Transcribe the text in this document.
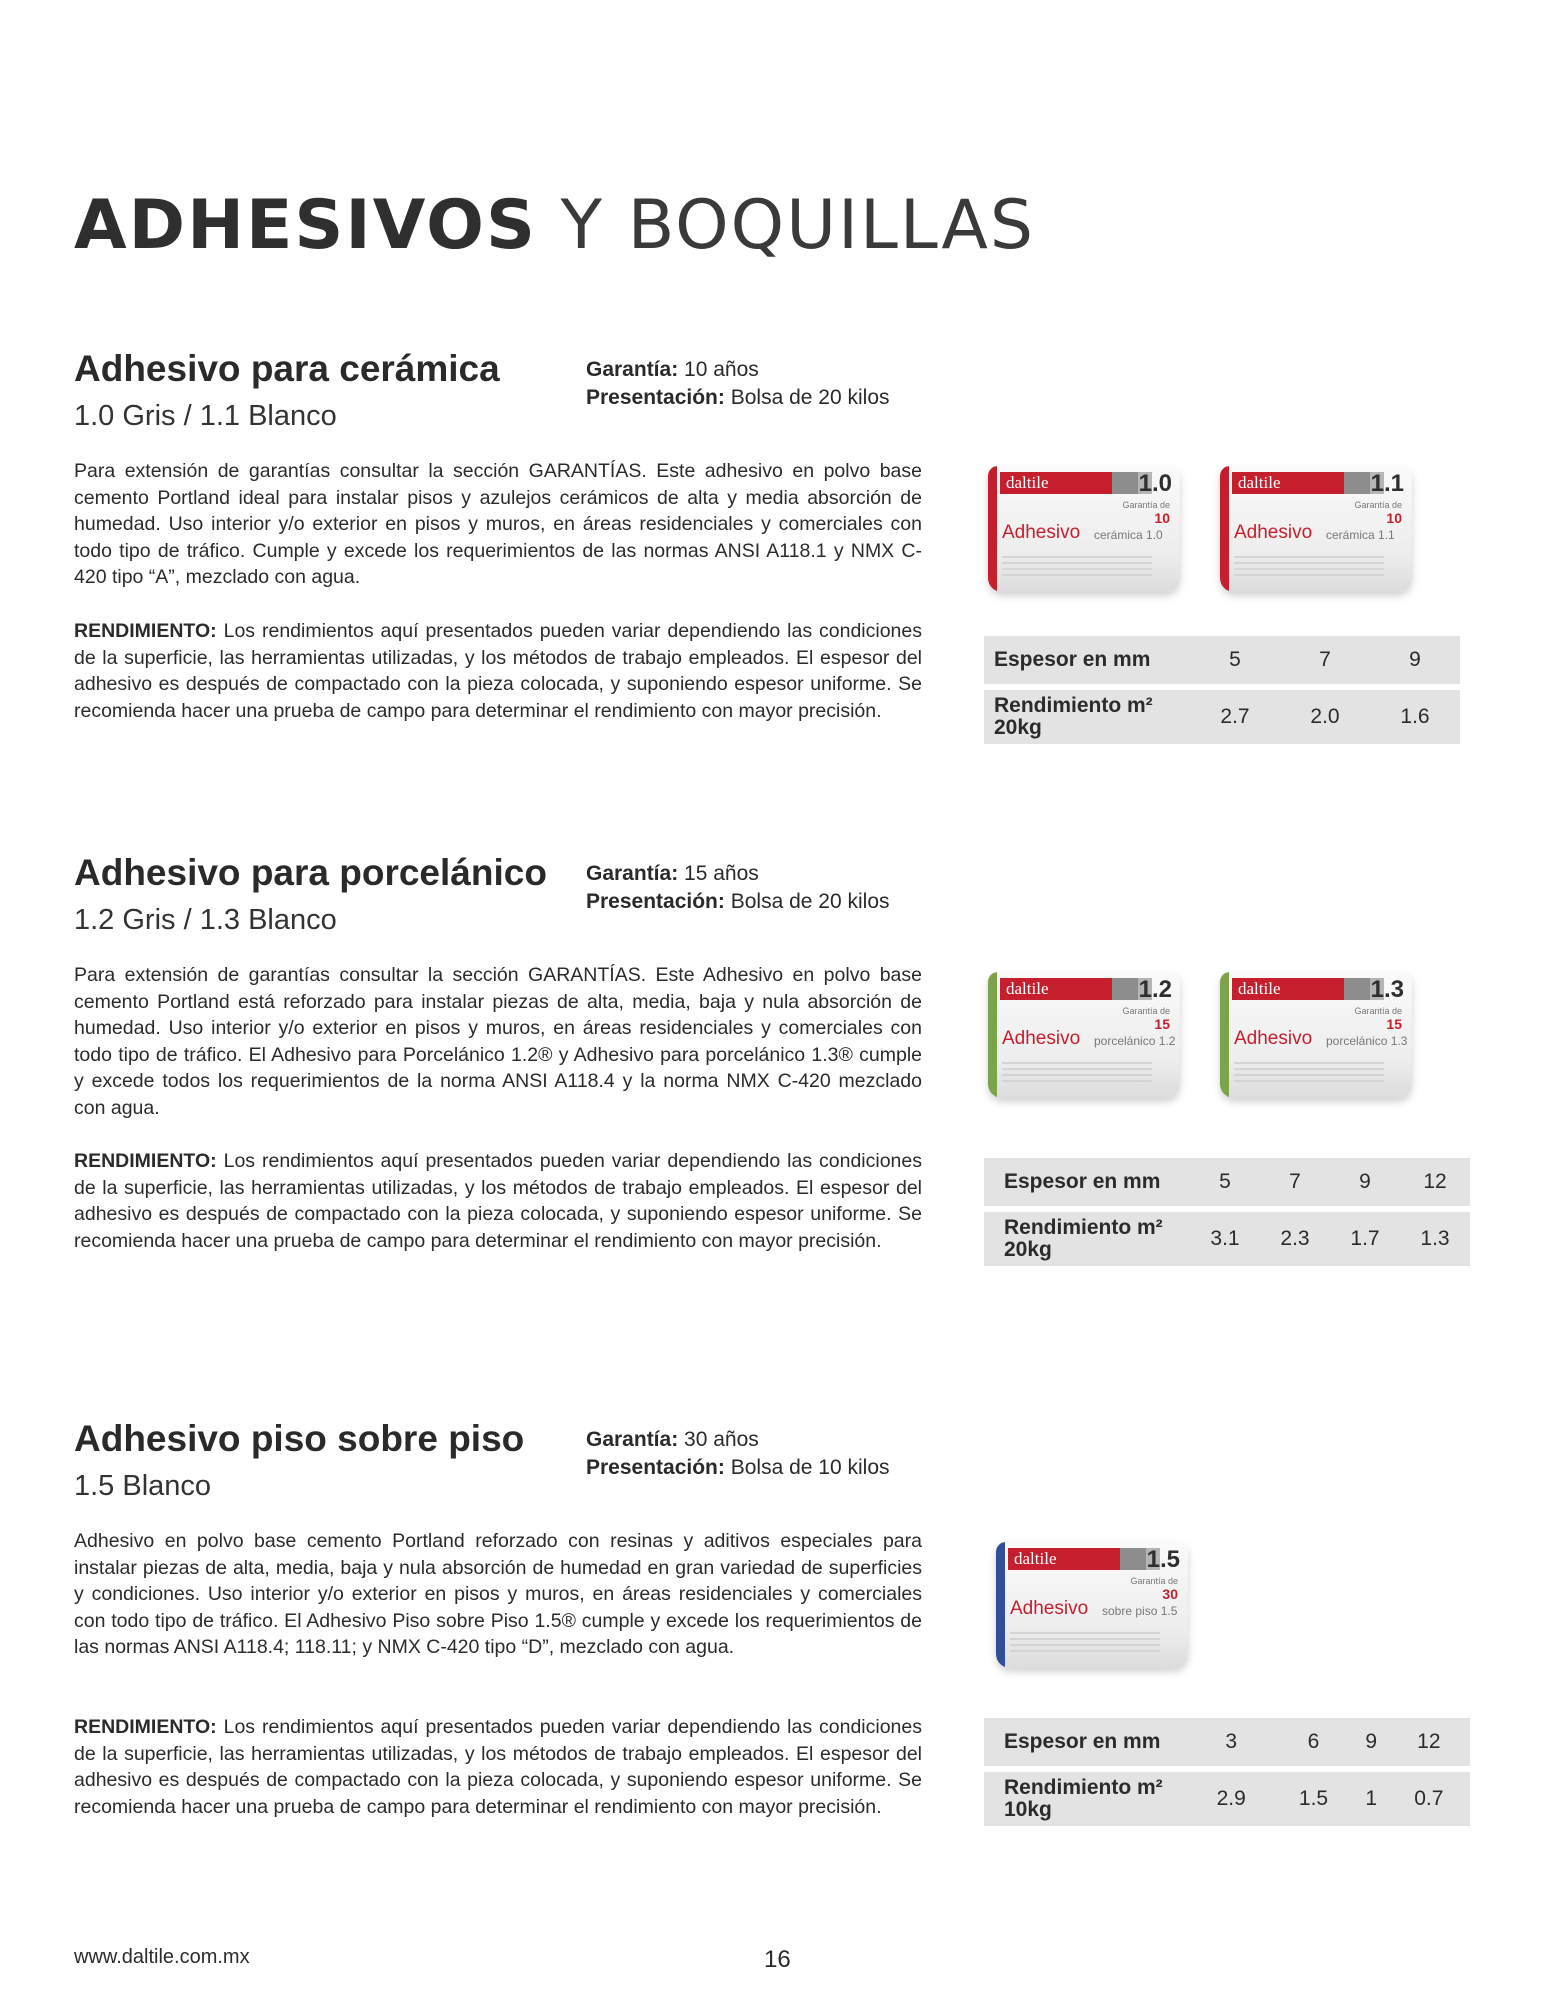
ADHESIVOS Y BOQUILLAS
Adhesivo para cerámica
1.0 Gris / 1.1 Blanco
Garantía: 10 años
Presentación: Bolsa de 20 kilos

Para extensión de garantías consultar la sección GARANTÍAS. Este adhesivo en polvo base cemento Portland ideal para instalar pisos y azulejos cerámicos de alta y media absorción de humedad. Uso interior y/o exterior en pisos y muros, en áreas residenciales y comerciales con todo tipo de tráfico. Cumple y excede los requerimientos de las normas ANSI A118.1 y NMX C-420 tipo “A”, mezclado con agua.

RENDIMIENTO: Los rendimientos aquí presentados pueden variar dependiendo las condiciones de la superficie, las herramientas utilizadas, y los métodos de trabajo empleados. El espesor del adhesivo es después de compactado con la pieza colocada, y suponiendo espesor uniforme. Se recomienda hacer una prueba de campo para determinar el rendimiento con mayor precisión.

daltile	1.0
Garantía de
10
Adhesivo cerámica 1.0
daltile	1.1
Garantía de
10
Adhesivo cerámica 1.1
Espesor en mm	5	7	9
Rendimiento m²
20kg	2.7	2.0	1.6
Adhesivo para porcelánico
1.2 Gris / 1.3 Blanco
Garantía: 15 años
Presentación: Bolsa de 20 kilos

Para extensión de garantías consultar la sección GARANTÍAS. Este Adhesivo en polvo base cemento Portland está reforzado para instalar piezas de alta, media, baja y nula absorción de humedad. Uso interior y/o exterior en pisos y muros, en áreas residenciales y comerciales con todo tipo de tráfico. El Adhesivo para Porcelánico 1.2® y Adhesivo para porcelánico 1.3® cumple y excede todos los requerimientos de la norma ANSI A118.4 y la norma NMX C-420 mezclado con agua.

RENDIMIENTO: Los rendimientos aquí presentados pueden variar dependiendo las condiciones de la superficie, las herramientas utilizadas, y los métodos de trabajo empleados. El espesor del adhesivo es después de compactado con la pieza colocada, y suponiendo espesor uniforme. Se recomienda hacer una prueba de campo para determinar el rendimiento con mayor precisión.

daltile	1.2
Garantía de
15
Adhesivo porcelánico 1.2
daltile	1.3
Garantía de
15
Adhesivo porcelánico 1.3
Espesor en mm	5	7	9	12
Rendimiento m²
20kg	3.1	2.3	1.7	1.3
Adhesivo piso sobre piso
1.5 Blanco
Garantía: 30 años
Presentación: Bolsa de 10 kilos

Adhesivo en polvo base cemento Portland reforzado con resinas y aditivos especiales para instalar piezas de alta, media, baja y nula absorción de humedad en gran variedad de superficies y condiciones. Uso interior y/o exterior en pisos y muros, en áreas residenciales y comerciales con todo tipo de tráfico. El Adhesivo Piso sobre Piso 1.5® cumple y excede los requerimientos de las normas ANSI A118.4; 118.11; y NMX C-420 tipo “D”, mezclado con agua.

RENDIMIENTO: Los rendimientos aquí presentados pueden variar dependiendo las condiciones de la superficie, las herramientas utilizadas, y los métodos de trabajo empleados. El espesor del adhesivo es después de compactado con la pieza colocada, y suponiendo espesor uniforme. Se recomienda hacer una prueba de campo para determinar el rendimiento con mayor precisión.

daltile	1.5
Garantía de
30
Adhesivo sobre piso 1.5
Espesor en mm	3	6	9	12
Rendimiento m²
10kg	2.9	1.5	1	0.7
www.daltile.com.mx	16
